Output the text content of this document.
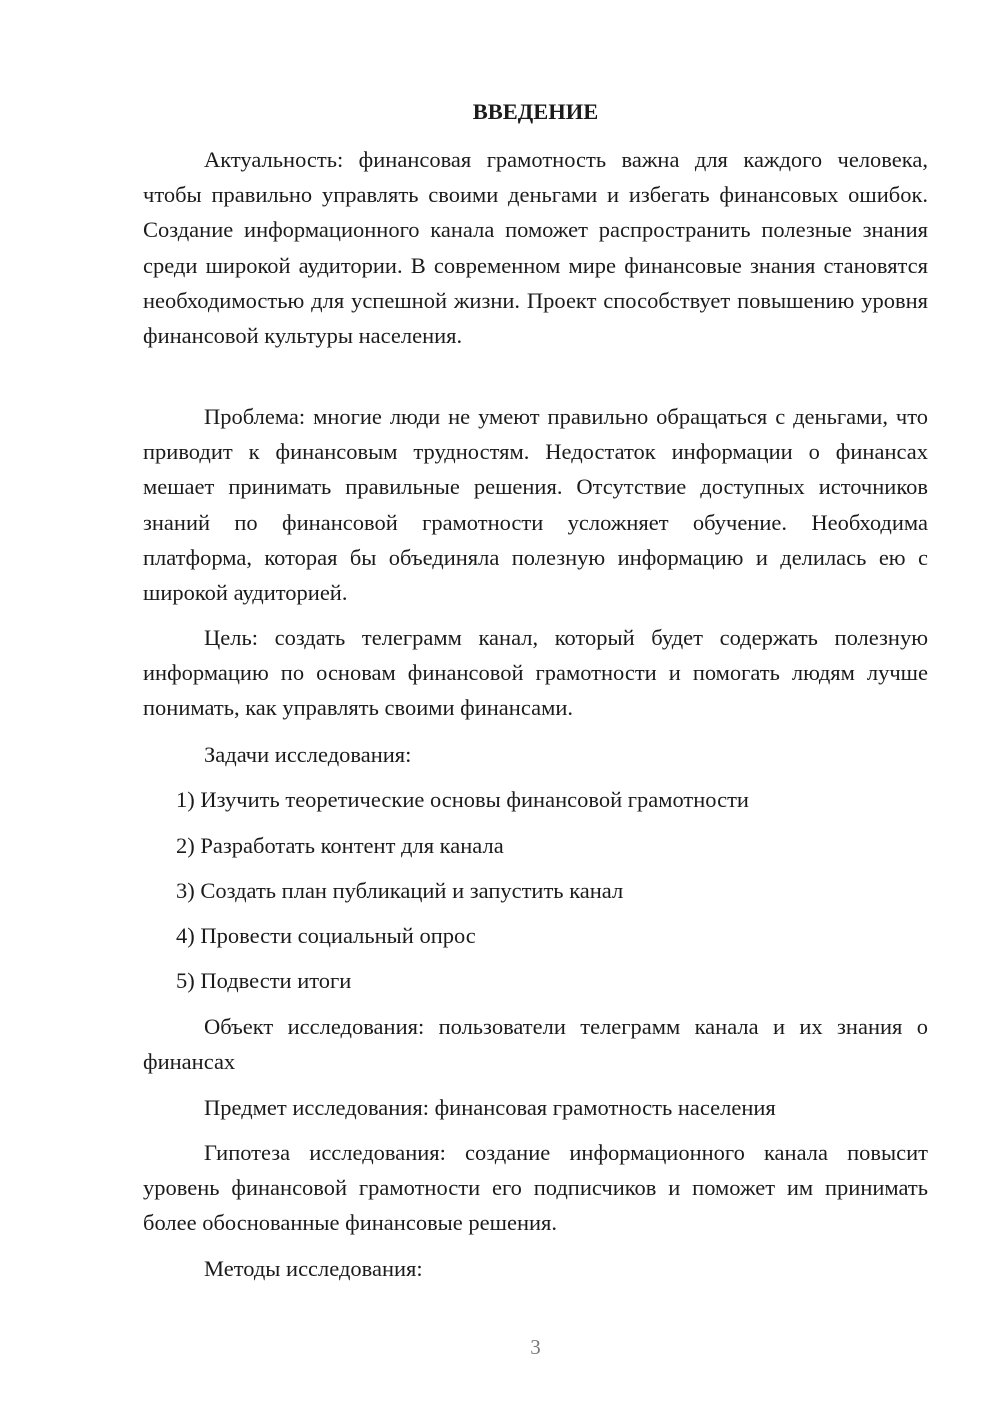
ВВЕДЕНИЕ

Актуальность: финансовая грамотность важна для каждого человека, чтобы правильно управлять своими деньгами и избегать финансовых ошибок. Создание информационного канала поможет распространить полезные знания среди широкой аудитории. В современном мире финансовые знания становятся необходимостью для успешной жизни. Проект способствует повышению уровня финансовой культуры населения.

Проблема: многие люди не умеют правильно обращаться с деньгами, что приводит к финансовым трудностям. Недостаток информации о финансах мешает принимать правильные решения. Отсутствие доступных источников знаний по финансовой грамотности усложняет обучение. Необходима платформа, которая бы объединяла полезную информацию и делилась ею с широкой аудиторией.

Цель: создать телеграмм канал, который будет содержать полезную информацию по основам финансовой грамотности и помогать людям лучше понимать, как управлять своими финансами.

Задачи исследования:

1) Изучить теоретические основы финансовой грамотности

2) Разработать контент для канала

3) Создать план публикаций и запустить канал

4) Провести социальный опрос

5) Подвести итоги

Объект исследования: пользователи телеграмм канала и их знания о финансах

Предмет исследования: финансовая грамотность населения

Гипотеза исследования: создание информационного канала повысит уровень финансовой грамотности его подписчиков и поможет им принимать более обоснованные финансовые решения.

Методы исследования:

3
